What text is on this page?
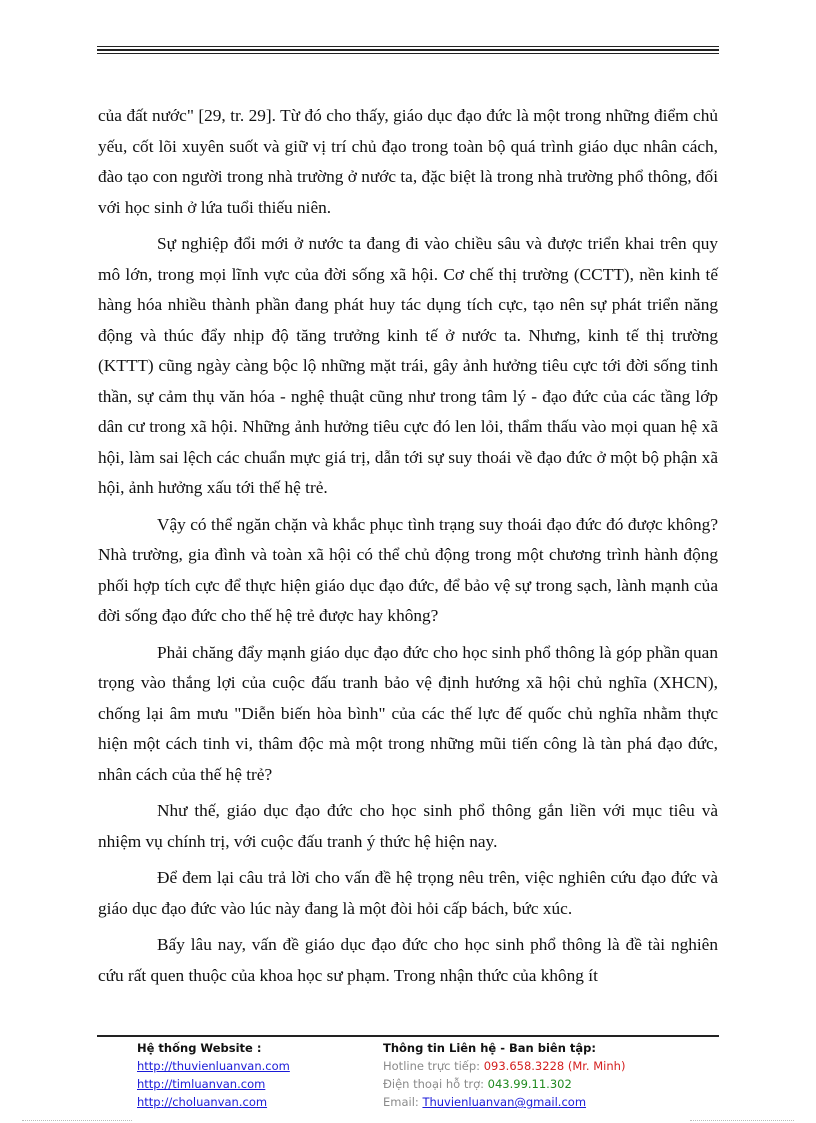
của đất nước" [29, tr. 29]. Từ đó cho thấy, giáo dục đạo đức là một trong những điểm chủ yếu, cốt lõi xuyên suốt và giữ vị trí chủ đạo trong toàn bộ quá trình giáo dục nhân cách, đào tạo con người trong nhà trường ở nước ta, đặc biệt là trong nhà trường phổ thông, đối với học sinh ở lứa tuổi thiếu niên.

Sự nghiệp đổi mới ở nước ta đang đi vào chiều sâu và được triển khai trên quy mô lớn, trong mọi lĩnh vực của đời sống xã hội. Cơ chế thị trường (CCTT), nền kinh tế hàng hóa nhiều thành phần đang phát huy tác dụng tích cực, tạo nên sự phát triển năng động và thúc đẩy nhịp độ tăng trưởng kinh tế ở nước ta. Nhưng, kinh tế thị trường (KTTT) cũng ngày càng bộc lộ những mặt trái, gây ảnh hưởng tiêu cực tới đời sống tinh thần, sự cảm thụ văn hóa - nghệ thuật cũng như trong tâm lý - đạo đức của các tầng lớp dân cư trong xã hội. Những ảnh hưởng tiêu cực đó len lỏi, thẩm thấu vào mọi quan hệ xã hội, làm sai lệch các chuẩn mực giá trị, dẫn tới sự suy thoái về đạo đức ở một bộ phận xã hội, ảnh hưởng xấu tới thế hệ trẻ.

Vậy có thể ngăn chặn và khắc phục tình trạng suy thoái đạo đức đó được không? Nhà trường, gia đình và toàn xã hội có thể chủ động trong một chương trình hành động phối hợp tích cực để thực hiện giáo dục đạo đức, để bảo vệ sự trong sạch, lành mạnh của đời sống đạo đức cho thế hệ trẻ được hay không?

Phải chăng đẩy mạnh giáo dục đạo đức cho học sinh phổ thông là góp phần quan trọng vào thắng lợi của cuộc đấu tranh bảo vệ định hướng xã hội chủ nghĩa (XHCN), chống lại âm mưu "Diễn biến hòa bình" của các thế lực đế quốc chủ nghĩa nhằm thực hiện một cách tinh vi, thâm độc mà một trong những mũi tiến công là tàn phá đạo đức, nhân cách của thế hệ trẻ?

Như thế, giáo dục đạo đức cho học sinh phổ thông gắn liền với mục tiêu và nhiệm vụ chính trị, với cuộc đấu tranh ý thức hệ hiện nay.

Để đem lại câu trả lời cho vấn đề hệ trọng nêu trên, việc nghiên cứu đạo đức và giáo dục đạo đức vào lúc này đang là một đòi hỏi cấp bách, bức xúc.

Bấy lâu nay, vấn đề giáo dục đạo đức cho học sinh phổ thông là đề tài nghiên cứu rất quen thuộc của khoa học sư phạm. Trong nhận thức của không ít

Hệ thống Website :
http://thuvienluanvan.com
http://timluanvan.com
http://choluanvan.com
Thông tin Liên hệ - Ban biên tập:
Hotline trực tiếp: 093.658.3228 (Mr. Minh)
Điện thoại hỗ trợ: 043.99.11.302
Email: Thuvienluanvan@gmail.com
